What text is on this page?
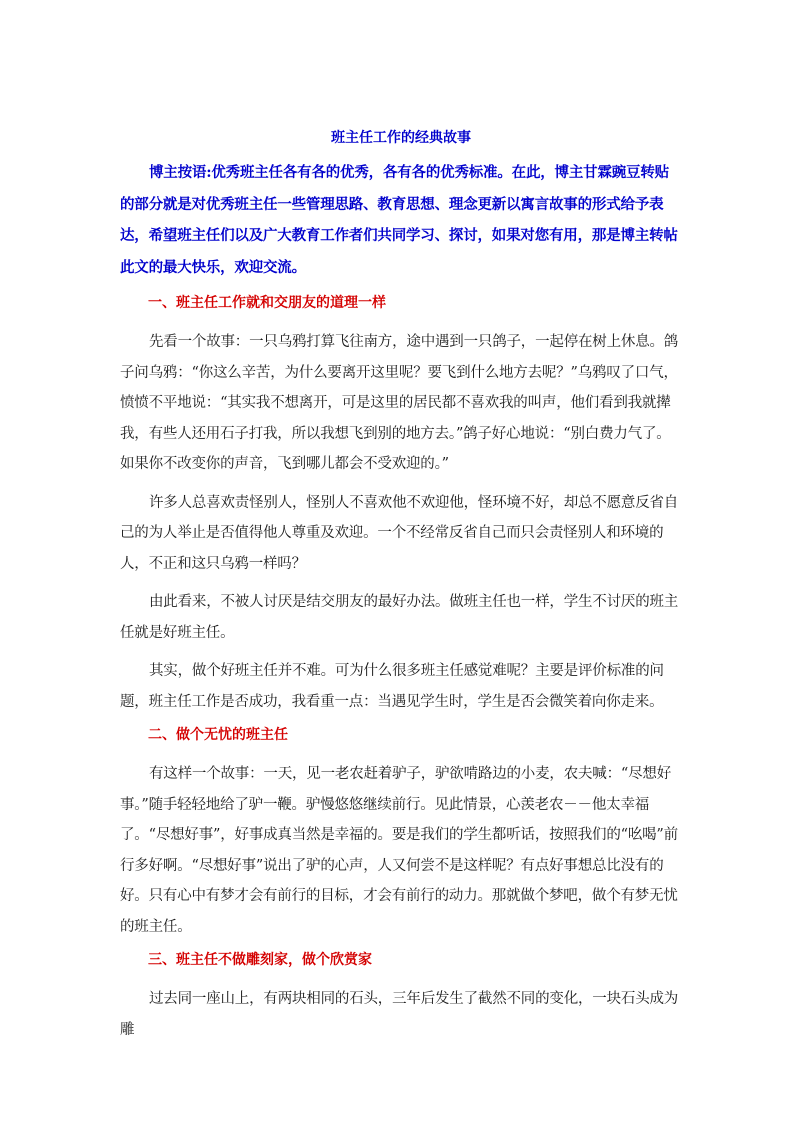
班主任工作的经典故事

博主按语:优秀班主任各有各的优秀，各有各的优秀标准。在此，博主甘霖豌豆转贴的部分就是对优秀班主任一些管理思路、教育思想、理念更新以寓言故事的形式给予表达，希望班主任们以及广大教育工作者们共同学习、探讨，如果对您有用，那是博主转帖此文的最大快乐，欢迎交流。

一、班主任工作就和交朋友的道理一样

先看一个故事：一只乌鸦打算飞往南方，途中遇到一只鸽子，一起停在树上休息。鸽子问乌鸦：“你这么辛苦，为什么要离开这里呢？要飞到什么地方去呢？”乌鸦叹了口气，愤愤不平地说：“其实我不想离开，可是这里的居民都不喜欢我的叫声，他们看到我就撵我，有些人还用石子打我，所以我想飞到别的地方去。”鸽子好心地说：“别白费力气了。如果你不改变你的声音，飞到哪儿都会不受欢迎的。”

许多人总喜欢责怪别人，怪别人不喜欢他不欢迎他，怪环境不好，却总不愿意反省自己的为人举止是否值得他人尊重及欢迎。一个不经常反省自己而只会责怪别人和环境的人，不正和这只乌鸦一样吗？

由此看来，不被人讨厌是结交朋友的最好办法。做班主任也一样，学生不讨厌的班主任就是好班主任。

其实，做个好班主任并不难。可为什么很多班主任感觉难呢？主要是评价标准的问题，班主任工作是否成功，我看重一点：当遇见学生时，学生是否会微笑着向你走来。

二、做个无忧的班主任

有这样一个故事：一天，见一老农赶着驴子，驴欲啃路边的小麦，农夫喊：“尽想好事。”随手轻轻地给了驴一鞭。驴慢悠悠继续前行。见此情景，心羡老农－－他太幸福了。“尽想好事”，好事成真当然是幸福的。要是我们的学生都听话，按照我们的“吆喝”前行多好啊。“尽想好事”说出了驴的心声，人又何尝不是这样呢？有点好事想总比没有的好。只有心中有梦才会有前行的目标，才会有前行的动力。那就做个梦吧，做个有梦无忧的班主任。

三、班主任不做雕刻家，做个欣赏家

过去同一座山上，有两块相同的石头，三年后发生了截然不同的变化，一块石头成为雕
